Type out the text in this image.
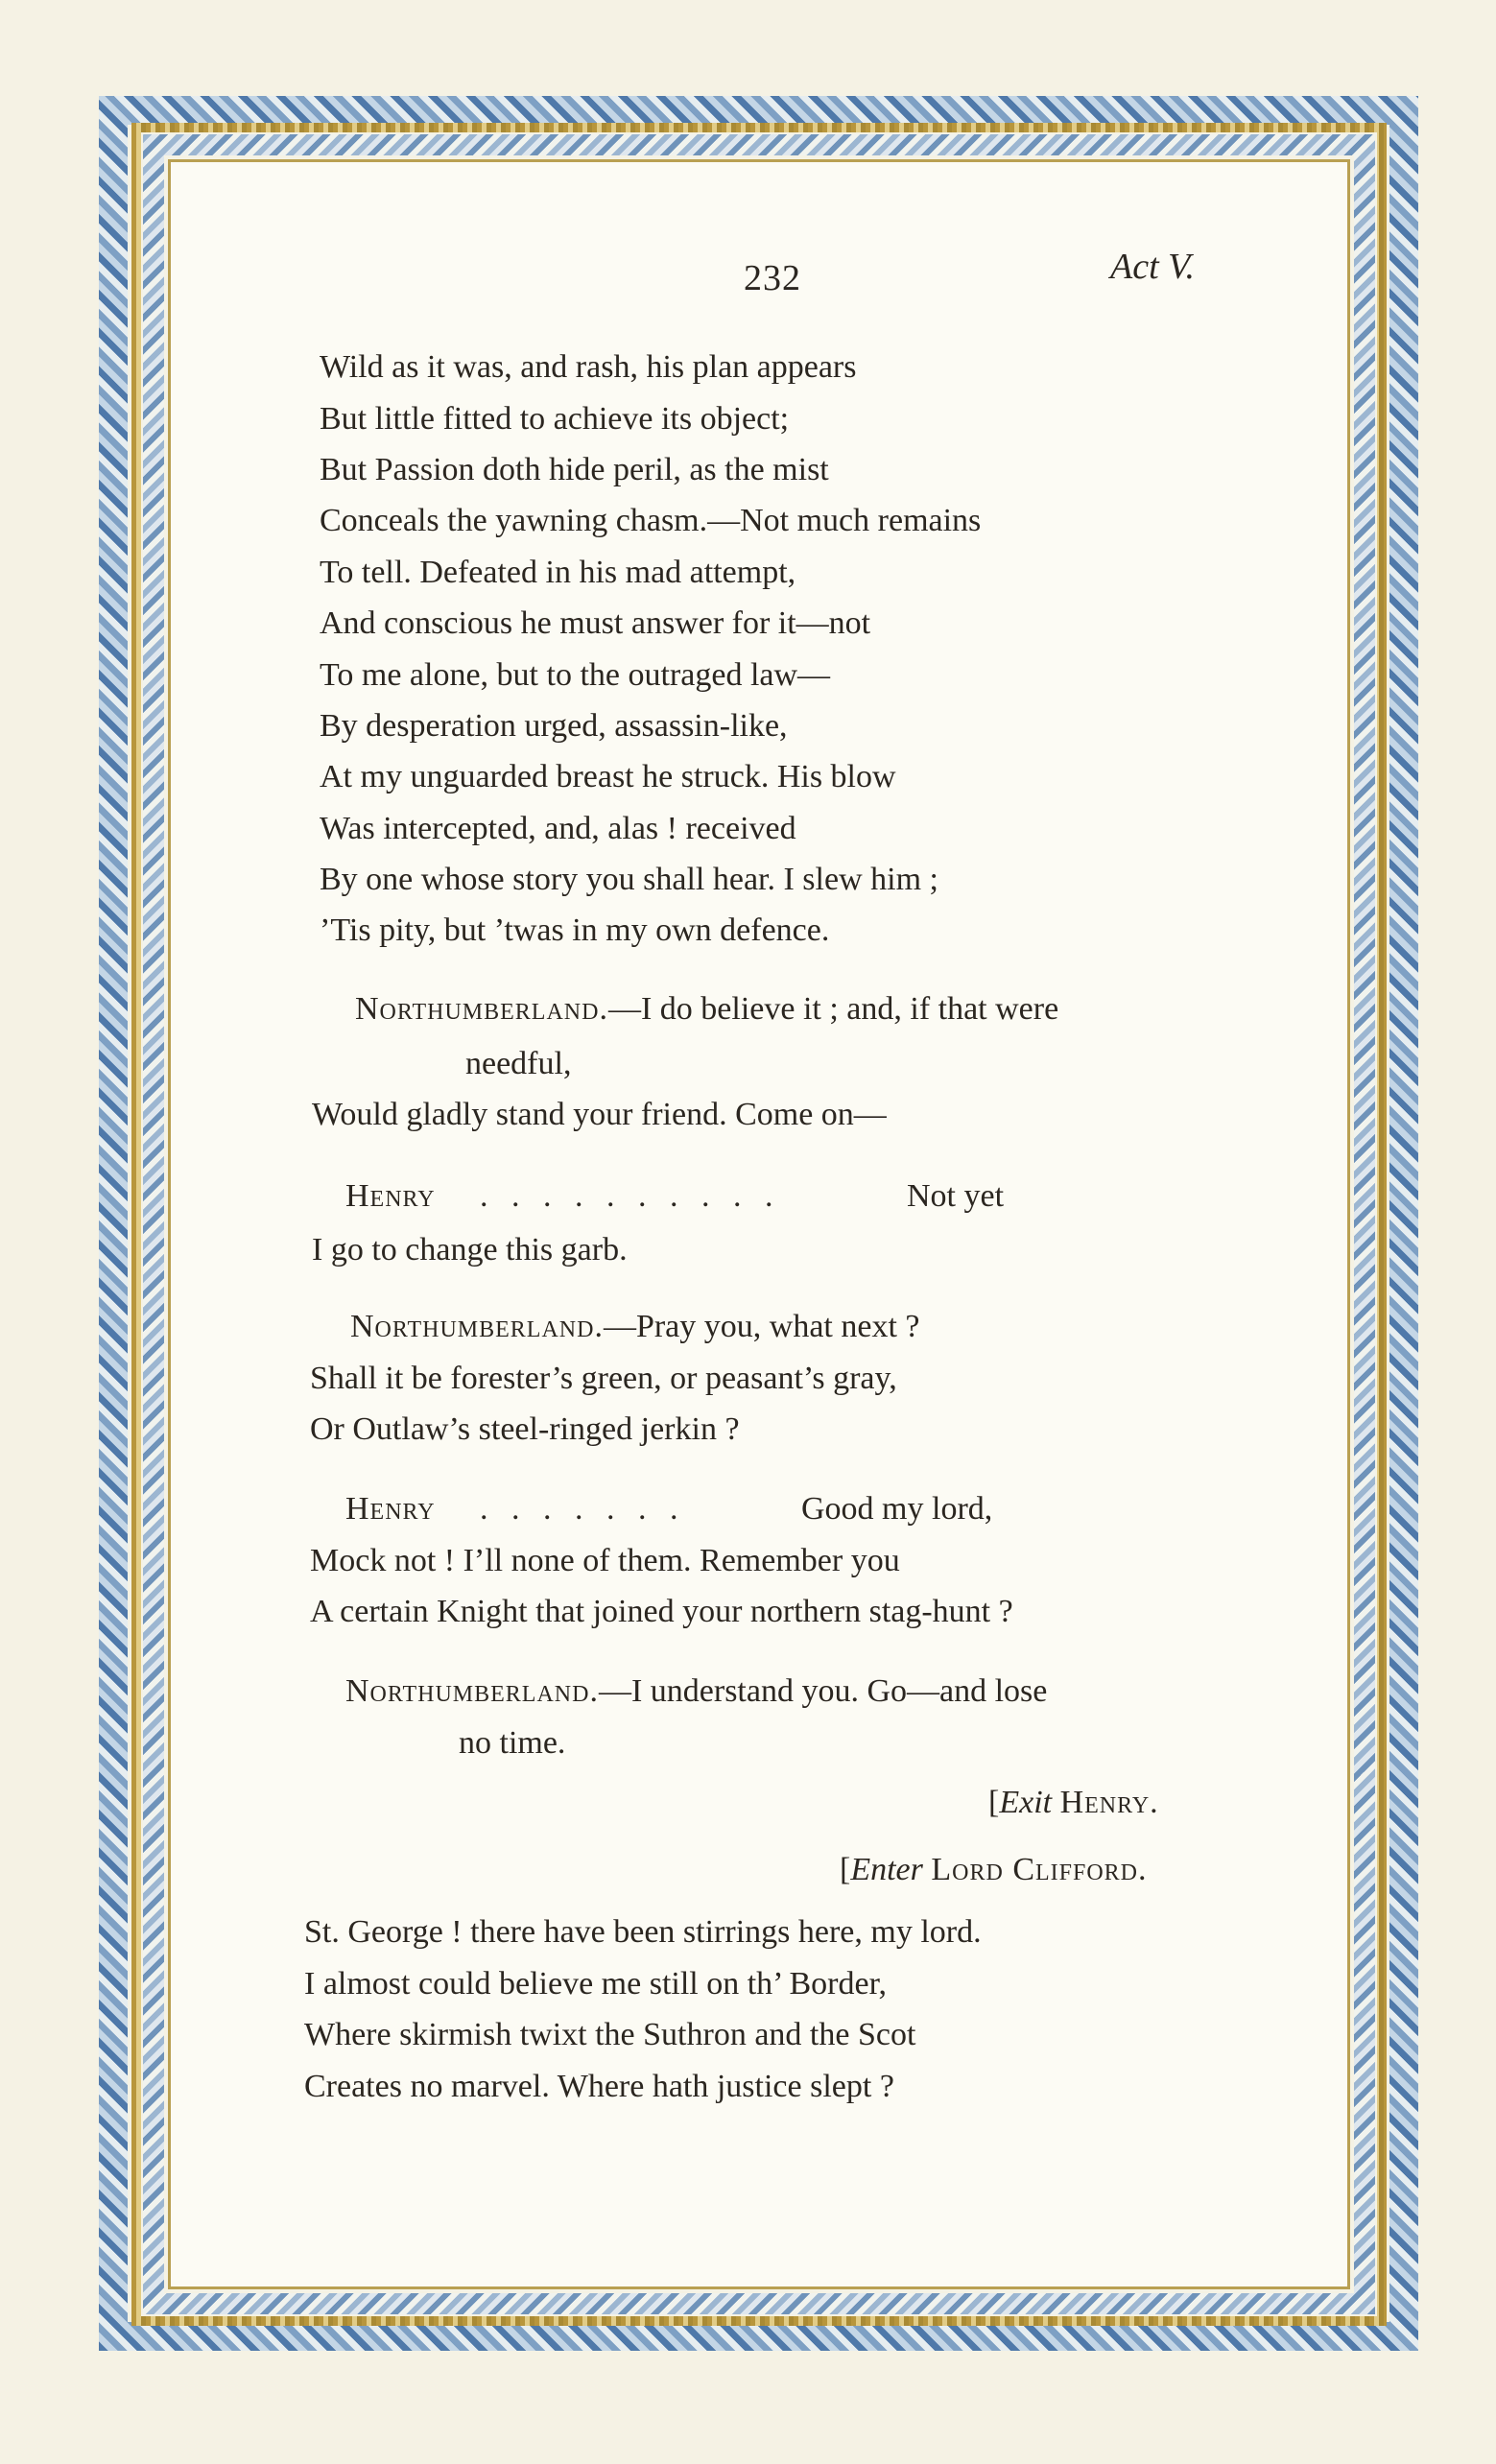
232	Act V.
Wild as it was, and rash, his plan appears
But little fitted to achieve its object;
But Passion doth hide peril, as the mist
Conceals the yawning chasm.—Not much remains
To tell. Defeated in his mad attempt,
And conscious he must answer for it—not
To me alone, but to the outraged law—
By desperation urged, assassin-like,
At my unguarded breast he struck. His blow
Was intercepted, and, alas ! received
By one whose story you shall hear. I slew him ;
’Tis pity, but ’twas in my own defence.
Northumberland.—I do believe it ; and, if that were
needful,
Would gladly stand your friend. Come on—
Henry . . . . . . . . . .	Not yet
I go to change this garb.
Northumberland.—Pray you, what next ?
Shall it be forester’s green, or peasant’s gray,
Or Outlaw’s steel-ringed jerkin ?
Henry . . . . . . .	Good my lord,
Mock not ! I’ll none of them. Remember you
A certain Knight that joined your northern stag-hunt ?
Northumberland.—I understand you. Go—and lose
no time.
[Exit Henry.
[Enter Lord Clifford.
St. George ! there have been stirrings here, my lord.
I almost could believe me still on th’ Border,
Where skirmish twixt the Suthron and the Scot
Creates no marvel. Where hath justice slept ?
